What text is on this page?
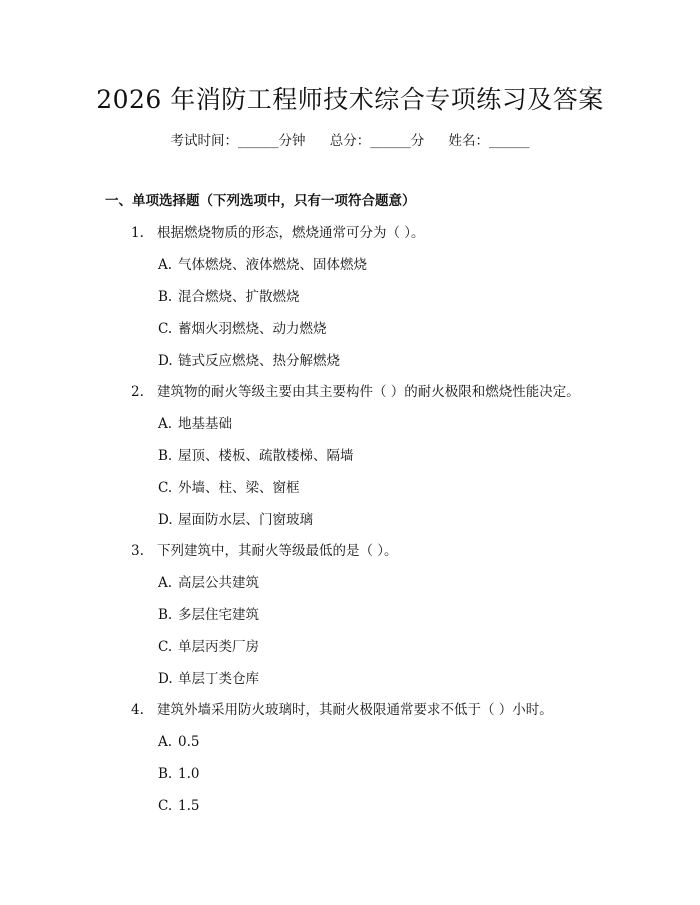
2026 年消防工程师技术综合专项练习及答案
考试时间：______分钟 总分：______分 姓名：______
一、单项选择题（下列选项中，只有一项符合题意）
1. 根据燃烧物质的形态，燃烧通常可分为（ ）。
A. 气体燃烧、液体燃烧、固体燃烧
B. 混合燃烧、扩散燃烧
C. 蓄烟火羽燃烧、动力燃烧
D. 链式反应燃烧、热分解燃烧
2. 建筑物的耐火等级主要由其主要构件（ ）的耐火极限和燃烧性能决定。
A. 地基基础
B. 屋顶、楼板、疏散楼梯、隔墙
C. 外墙、柱、梁、窗框
D. 屋面防水层、门窗玻璃
3. 下列建筑中，其耐火等级最低的是（ ）。
A. 高层公共建筑
B. 多层住宅建筑
C. 单层丙类厂房
D. 单层丁类仓库
4. 建筑外墙采用防火玻璃时，其耐火极限通常要求不低于（ ）小时。
A. 0.5
B. 1.0
C. 1.5
